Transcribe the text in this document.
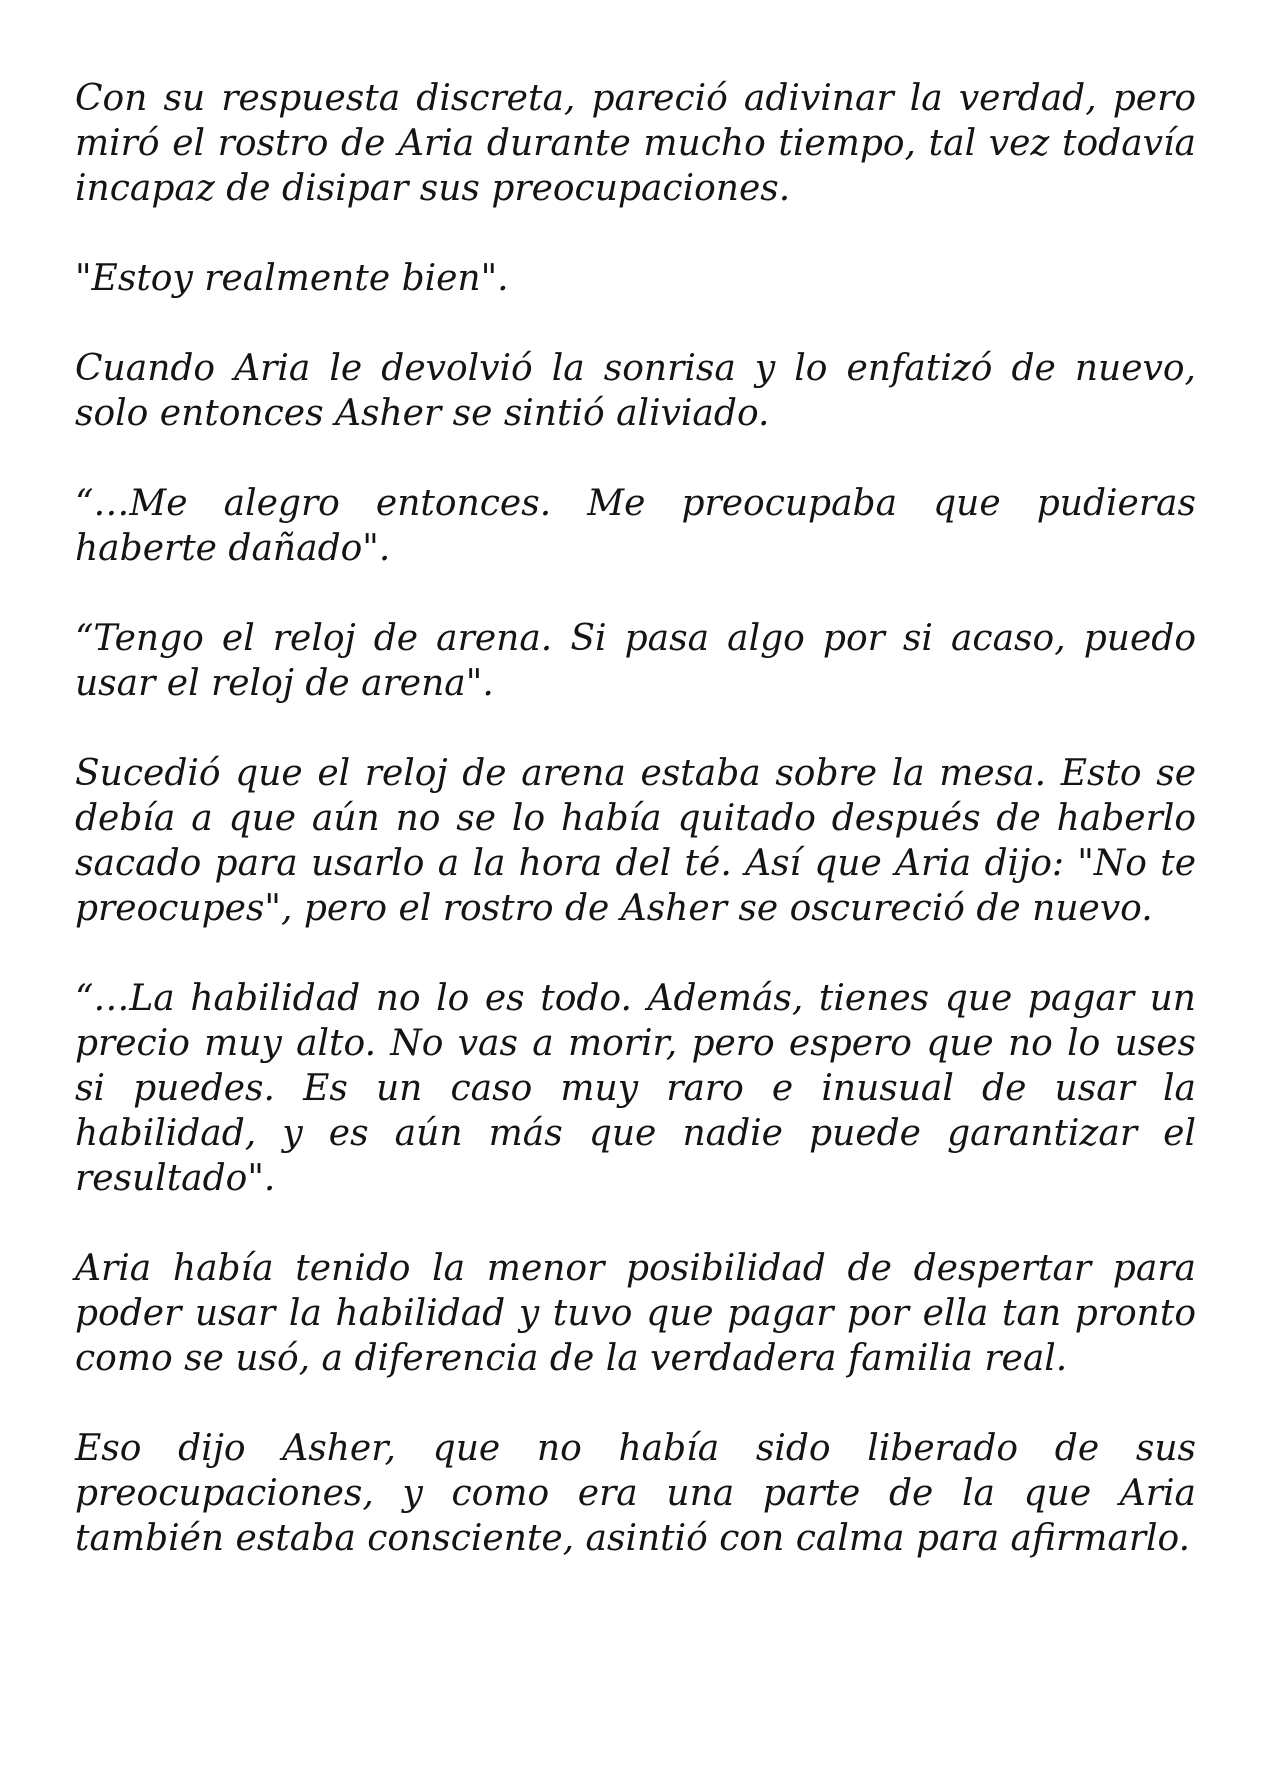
Con su respuesta discreta, pareció adivinar la verdad, pero miró el rostro de Aria durante mucho tiempo, tal vez todavía incapaz de disipar sus preocupaciones.

"Estoy realmente bien".

Cuando Aria le devolvió la sonrisa y lo enfatizó de nuevo, solo entonces Asher se sintió aliviado.

“…Me alegro entonces. Me preocupaba que pudieras haberte dañado".

“Tengo el reloj de arena. Si pasa algo por si acaso, puedo usar el reloj de arena".

Sucedió que el reloj de arena estaba sobre la mesa. Esto se debía a que aún no se lo había quitado después de haberlo sacado para usarlo a la hora del té. Así que Aria dijo: "No te preocupes", pero el rostro de Asher se oscureció de nuevo.

“…La habilidad no lo es todo. Además, tienes que pagar un precio muy alto. No vas a morir, pero espero que no lo uses si puedes. Es un caso muy raro e inusual de usar la habilidad, y es aún más que nadie puede garantizar el resultado".

Aria había tenido la menor posibilidad de despertar para poder usar la habilidad y tuvo que pagar por ella tan pronto como se usó, a diferencia de la verdadera familia real.

Eso dijo Asher, que no había sido liberado de sus preocupaciones, y como era una parte de la que Aria también estaba consciente, asintió con calma para afirmarlo.
